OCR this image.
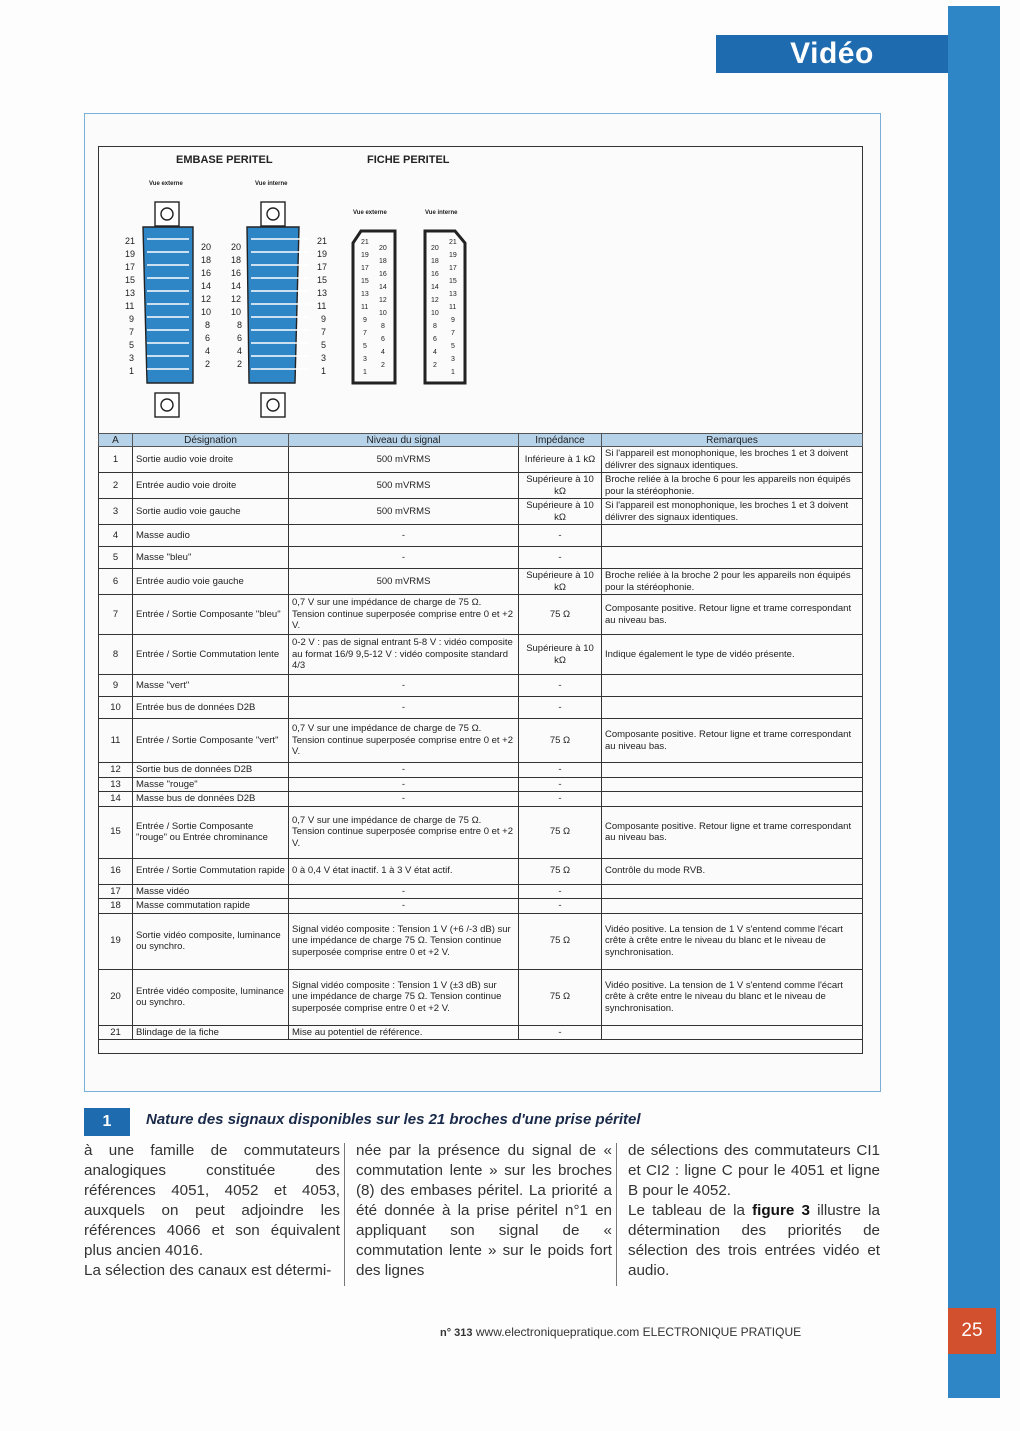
25
Vidéo
EMBASE PERITEL	FICHE PERITEL
Vue externe	Vue interne
Vue externe	Vue interne
21
19
17
15
13
11
9
7
5
3
1
20
18
16
14
12
10
8
6
4
2
20
18
16
14
12
10
8
6
4
2
21
19
17
15
13
11
9
7
5
3
1
21
19
17
15
13
11
9
7
5
3
1
20
18
16
14
12
10
8
6
4
2
20
18
16
14
12
10
8
6
4
2
21
19
17
15
13
11
9
7
5
3
1
A	Désignation	Niveau du signal	Impédance	Remarques
1	Sortie audio voie droite	500 mVRMS	Inférieure à 1 kΩ	Si l'appareil est monophonique, les broches 1 et 3 doivent délivrer des signaux identiques.
2	Entrée audio voie droite	500 mVRMS	Supérieure à 10 kΩ	Broche reliée à la broche 6 pour les appareils non équipés pour la stéréophonie.
3	Sortie audio voie gauche	500 mVRMS	Supérieure à 10 kΩ	Si l'appareil est monophonique, les broches 1 et 3 doivent délivrer des signaux identiques.
4	Masse audio	-	-	
5	Masse "bleu"	-	-	
6	Entrée audio voie gauche	500 mVRMS	Supérieure à 10 kΩ	Broche reliée à la broche 2 pour les appareils non équipés pour la stéréophonie.
7	Entrée / Sortie Composante "bleu"	0,7 V sur une impédance de charge de 75 Ω. Tension continue superposée comprise entre 0 et +2 V.	75 Ω	Composante positive. Retour ligne et trame correspondant au niveau bas.
8	Entrée / Sortie Commutation lente	0-2 V : pas de signal entrant 5-8 V : vidéo composite au format 16/9 9,5-12 V : vidéo composite standard 4/3	Supérieure à 10 kΩ	Indique également le type de vidéo présente.
9	Masse "vert"	-	-	
10	Entrée bus de données D2B	-	-	
11	Entrée / Sortie Composante "vert"	0,7 V sur une impédance de charge de 75 Ω. Tension continue superposée comprise entre 0 et +2 V.	75 Ω	Composante positive. Retour ligne et trame correspondant au niveau bas.
12	Sortie bus de données D2B	-	-	
13	Masse "rouge"	-	-	
14	Masse bus de données D2B	-	-	
15	Entrée / Sortie Composante "rouge" ou Entrée chrominance	0,7 V sur une impédance de charge de 75 Ω. Tension continue superposée comprise entre 0 et +2 V.	75 Ω	Composante positive. Retour ligne et trame correspondant au niveau bas.
16	Entrée / Sortie Commutation rapide	0 à 0,4 V état inactif. 1 à 3 V état actif.	75 Ω	Contrôle du mode RVB.
17	Masse vidéo	-	-	
18	Masse commutation rapide	-	-	
19	Sortie vidéo composite, luminance ou synchro.	Signal vidéo composite : Tension 1 V (+6 /-3 dB) sur une impédance de charge 75 Ω. Tension continue superposée comprise entre 0 et +2 V.	75 Ω	Vidéo positive. La tension de 1 V s'entend comme l'écart crête à crête entre le niveau du blanc et le niveau de synchronisation.
20	Entrée vidéo composite, luminance ou synchro.	Signal vidéo composite : Tension 1 V (±3 dB) sur une impédance de charge 75 Ω. Tension continue superposée comprise entre 0 et +2 V.	75 Ω	Vidéo positive. La tension de 1 V s'entend comme l'écart crête à crête entre le niveau du blanc et le niveau de synchronisation.
21	Blindage de la fiche	Mise au potentiel de référence.	-	
1	Nature des signaux disponibles sur les 21 broches d'une prise péritel

à une famille de commutateurs analogiques constituée des références 4051, 4052 et 4053, auxquels on peut adjoindre les références 4066 et son équivalent plus ancien 4016.

La sélection des canaux est détermi-

née par la présence du signal de « commutation lente » sur les broches (8) des embases péritel. La priorité a été donnée à la prise péritel n°1 en appliquant son signal de « commutation lente » sur le poids fort des lignes

de sélections des commutateurs CI1 et CI2 : ligne C pour le 4051 et ligne B pour le 4052.

Le tableau de la figure 3 illustre la détermination des priorités de sélection des trois entrées vidéo et audio.

n° 313 www.electroniquepratique.com ELECTRONIQUE PRATIQUE
